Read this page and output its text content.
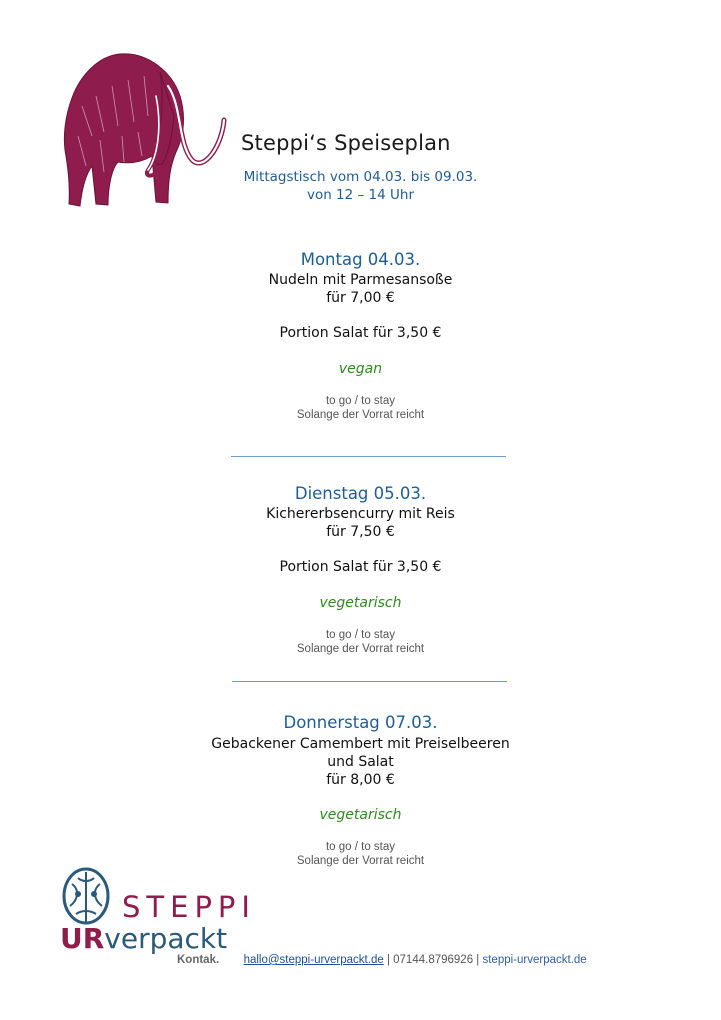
Steppi‘s Speiseplan
Mittagstisch vom 04.03. bis 09.03.
von 12 – 14 Uhr
Montag 04.03.
Nudeln mit Parmesansoße
für 7,00 €
Portion Salat für 3,50 €
vegan
to go / to stay
Solange der Vorrat reicht
Dienstag 05.03.
Kichererbsencurry mit Reis
für 7,50 €
Portion Salat für 3,50 €
vegetarisch
to go / to stay
Solange der Vorrat reicht
Donnerstag 07.03.
Gebackener Camembert mit Preiselbeeren
und Salat
für 8,00 €
vegetarisch
to go / to stay
Solange der Vorrat reicht
STEPPI
URverpackt
Kontak. hallo@steppi-urverpackt.de | 07144.8796926 | steppi-urverpackt.de
